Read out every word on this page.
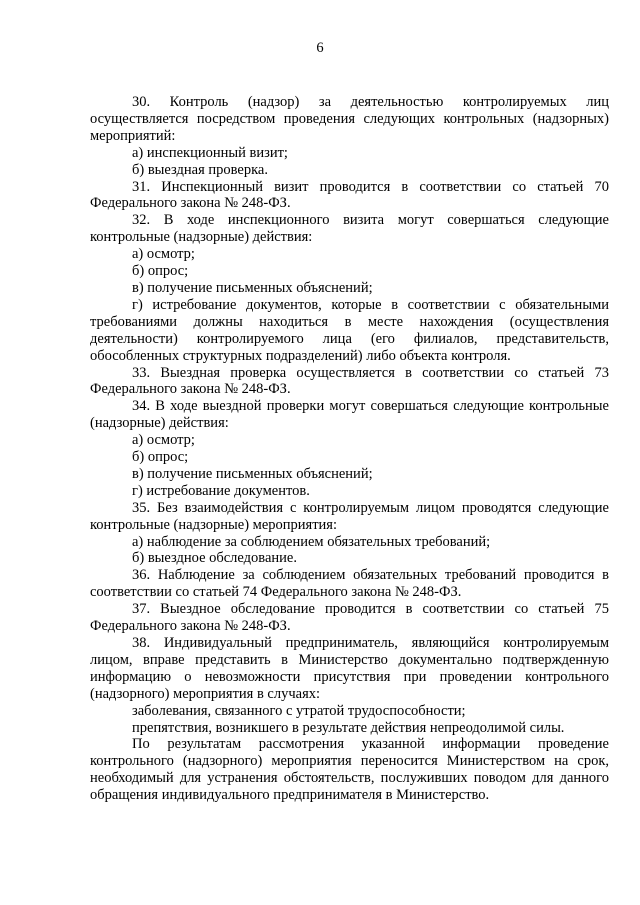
6

30. Контроль (надзор) за деятельностью контролируемых лиц осуществляется посредством проведения следующих контрольных (надзорных) мероприятий:

а) инспекционный визит;

б) выездная проверка.

31. Инспекционный визит проводится в соответствии со статьей 70 Федерального закона № 248-ФЗ.

32. В ходе инспекционного визита могут совершаться следующие контрольные (надзорные) действия:

а) осмотр;

б) опрос;

в) получение письменных объяснений;

г) истребование документов, которые в соответствии с обязательными требованиями должны находиться в месте нахождения (осуществления деятельности) контролируемого лица (его филиалов, представительств, обособленных структурных подразделений) либо объекта контроля.

33. Выездная проверка осуществляется в соответствии со статьей 73 Федерального закона № 248-ФЗ.

34. В ходе выездной проверки могут совершаться следующие контрольные (надзорные) действия:

а) осмотр;

б) опрос;

в) получение письменных объяснений;

г) истребование документов.

35. Без взаимодействия с контролируемым лицом проводятся следующие контрольные (надзорные) мероприятия:

а) наблюдение за соблюдением обязательных требований;

б) выездное обследование.

36. Наблюдение за соблюдением обязательных требований проводится в соответствии со статьей 74 Федерального закона № 248-ФЗ.

37. Выездное обследование проводится в соответствии со статьей 75 Федерального закона № 248-ФЗ.

38. Индивидуальный предприниматель, являющийся контролируемым лицом, вправе представить в Министерство документально подтвержденную информацию о невозможности присутствия при проведении контрольного (надзорного) мероприятия в случаях:

заболевания, связанного с утратой трудоспособности;

препятствия, возникшего в результате действия непреодолимой силы.

По результатам рассмотрения указанной информации проведение контрольного (надзорного) мероприятия переносится Министерством на срок, необходимый для устранения обстоятельств, послуживших поводом для данного обращения индивидуального предпринимателя в Министерство.
